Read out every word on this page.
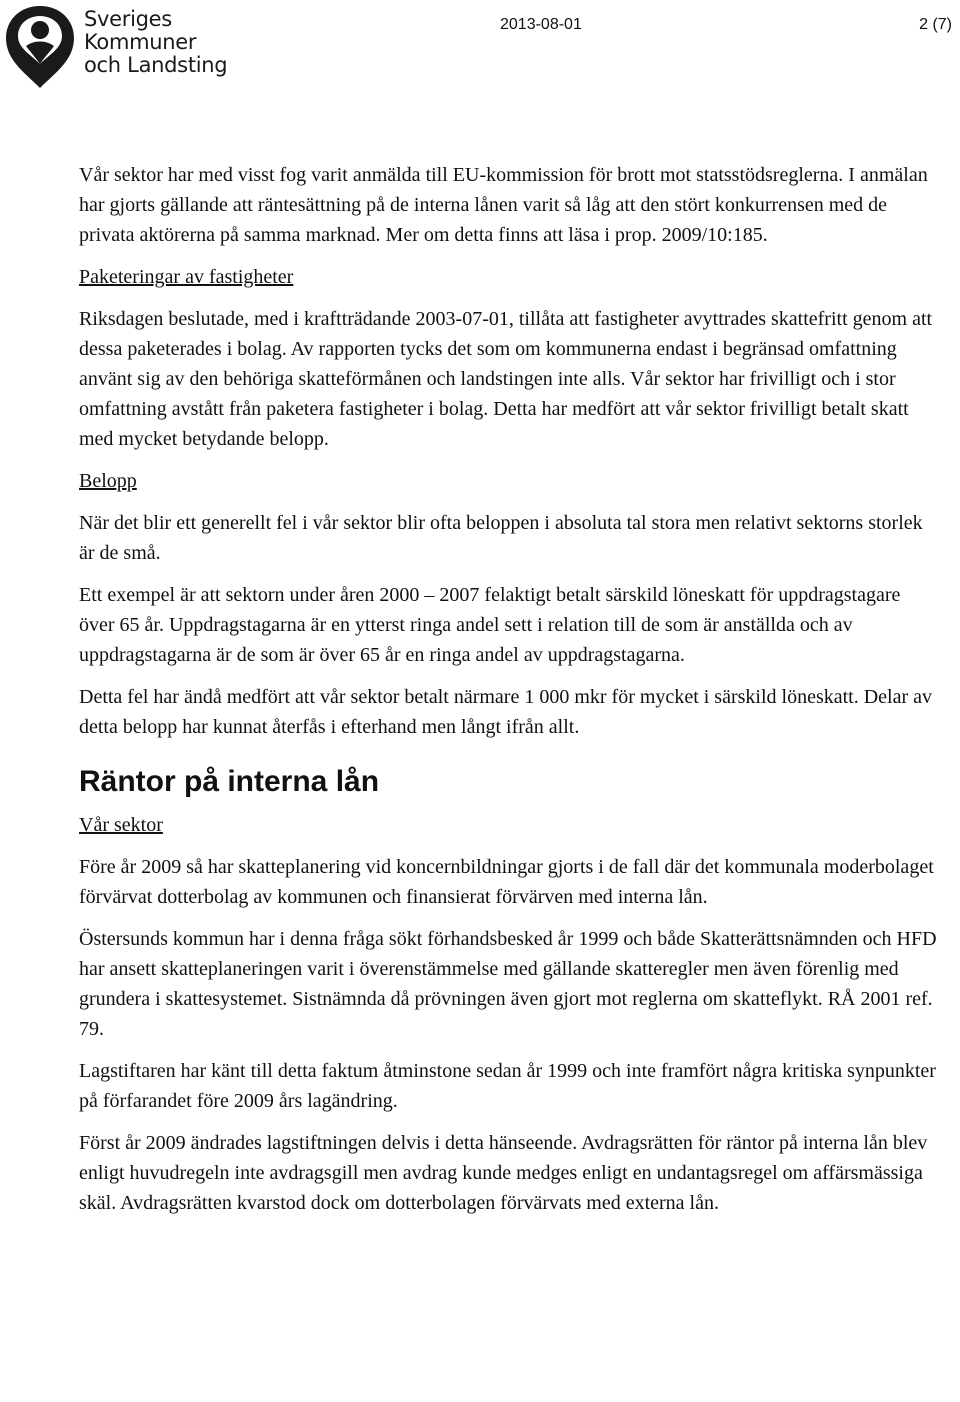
Sveriges
Kommuner
och Landsting
2013-08-01	2 (7)

Vår sektor har med visst fog varit anmälda till EU-kommission för brott mot statsstödsreglerna. I anmälan har gjorts gällande att räntesättning på de interna lånen varit så låg att den stört konkurrensen med de privata aktörerna på samma marknad. Mer om detta finns att läsa i prop. 2009/10:185.

Paketeringar av fastigheter

Riksdagen beslutade, med i kraftträdande 2003-07-01, tillåta att fastigheter avyttrades skattefritt genom att dessa paketerades i bolag. Av rapporten tycks det som om kommunerna endast i begränsad omfattning använt sig av den behöriga skatteförmånen och landstingen inte alls. Vår sektor har frivilligt och i stor omfattning avstått från paketera fastigheter i bolag. Detta har medfört att vår sektor frivilligt betalt skatt med mycket betydande belopp.

Belopp

När det blir ett generellt fel i vår sektor blir ofta beloppen i absoluta tal stora men relativt sektorns storlek är de små.

Ett exempel är att sektorn under åren 2000 – 2007 felaktigt betalt särskild löneskatt för uppdragstagare över 65 år. Uppdragstagarna är en ytterst ringa andel sett i relation till de som är anställda och av uppdragstagarna är de som är över 65 år en ringa andel av uppdragstagarna.

Detta fel har ändå medfört att vår sektor betalt närmare 1 000 mkr för mycket i särskild löneskatt. Delar av detta belopp har kunnat återfås i efterhand men långt ifrån allt.

Räntor på interna lån
Vår sektor

Före år 2009 så har skatteplanering vid koncernbildningar gjorts i de fall där det kommunala moderbolaget förvärvat dotterbolag av kommunen och finansierat förvärven med interna lån.

Östersunds kommun har i denna fråga sökt förhandsbesked år 1999 och både Skatterättsnämnden och HFD har ansett skatteplaneringen varit i överenstämmelse med gällande skatteregler men även förenlig med grundera i skattesystemet. Sistnämnda då prövningen även gjort mot reglerna om skatteflykt. RÅ 2001 ref. 79.

Lagstiftaren har känt till detta faktum åtminstone sedan år 1999 och inte framfört några kritiska synpunkter på förfarandet före 2009 års lagändring.

Först år 2009 ändrades lagstiftningen delvis i detta hänseende. Avdragsrätten för räntor på interna lån blev enligt huvudregeln inte avdragsgill men avdrag kunde medges enligt en undantagsregel om affärsmässiga skäl. Avdragsrätten kvarstod dock om dotterbolagen förvärvats med externa lån.
